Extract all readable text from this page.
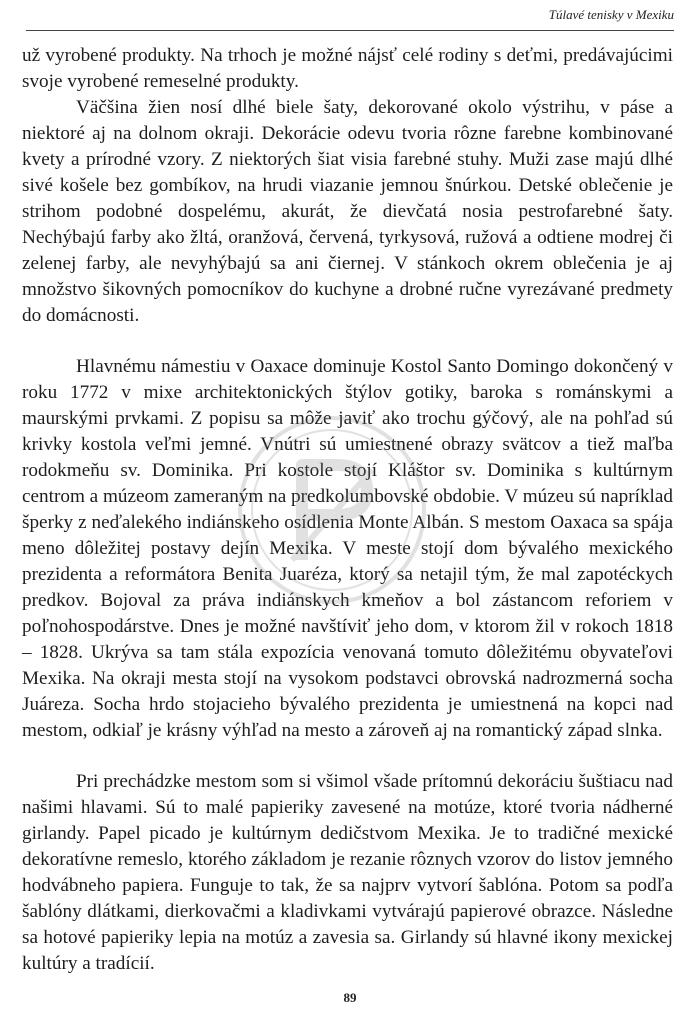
Túlavé tenisky v Mexiku

už vyrobené produkty. Na trhoch je možné nájsť celé rodiny s deťmi, predávajúcimi svoje vyrobené remeselné produkty.

Väčšina žien nosí dlhé biele šaty, dekorované okolo výstrihu, v páse a niektoré aj na dolnom okraji. Dekorácie odevu tvoria rôzne farebne kombinované kvety a prírodné vzory. Z niektorých šiat visia farebné stuhy. Muži zase majú dlhé sivé košele bez gombíkov, na hrudi viazanie jemnou šnúrkou. Detské oblečenie je strihom podobné dospelému, akurát, že dievčatá nosia pestrofarebné šaty. Nechýbajú farby ako žltá, oranžová, červená, tyrkysová, ružová a odtiene modrej či zelenej farby, ale nevyhýbajú sa ani čiernej. V stánkoch okrem oblečenia je aj množstvo šikovných pomocníkov do kuchyne a drobné ručne vyrezávané predmety do domácnosti.

Hlavnému námestiu v Oaxace dominuje Kostol Santo Domingo dokončený v roku 1772 v mixe architektonických štýlov gotiky, baroka s románskymi a maurskými prvkami. Z popisu sa môže javiť ako trochu gýčový, ale na pohľad sú krivky kostola veľmi jemné. Vnútri sú umiestnené obrazy svätcov a tiež maľba rodokmeňu sv. Dominika. Pri kostole stojí Kláštor sv. Dominika s kultúrnym centrom a múzeom zameraným na predkolumbovské obdobie. V múzeu sú napríklad šperky z neďalekého indiánskeho osídlenia Monte Albán. S mestom Oaxaca sa spája meno dôležitej postavy dejín Mexika. V meste stojí dom bývalého mexického prezidenta a reformátora Benita Juaréza, ktorý sa netajil tým, že mal zapotéckych predkov. Bojoval za práva indiánskych kmeňov a bol zástancom reforiem v poľnohospodárstve. Dnes je možné navštíviť jeho dom, v ktorom žil v rokoch 1818 – 1828. Ukrýva sa tam stála expozícia venovaná tomuto dôležitému obyvateľovi Mexika. Na okraji mesta stojí na vysokom podstavci obrovská nadrozmerná socha Juáreza. Socha hrdo stojacieho bývalého prezidenta je umiestnená na kopci nad mestom, odkiaľ je krásny výhľad na mesto a zároveň aj na romantický západ slnka.

Pri prechádzke mestom som si všimol všade prítomnú dekoráciu šuštiacu nad našimi hlavami. Sú to malé papieriky zavesené na motúze, ktoré tvoria nádherné girlandy. Papel picado je kultúrnym dedičstvom Mexika. Je to tradičné mexické dekoratívne remeslo, ktorého základom je rezanie rôznych vzorov do listov jemného hodvábneho papiera. Funguje to tak, že sa najprv vytvorí šablóna. Potom sa podľa šablóny dlátkami, dierkovačmi a kladivkami vytvárajú papierové obrazce. Následne sa hotové papieriky lepia na motúz a zavesia sa. Girlandy sú hlavné ikony mexickej kultúry a tradícií.

89
